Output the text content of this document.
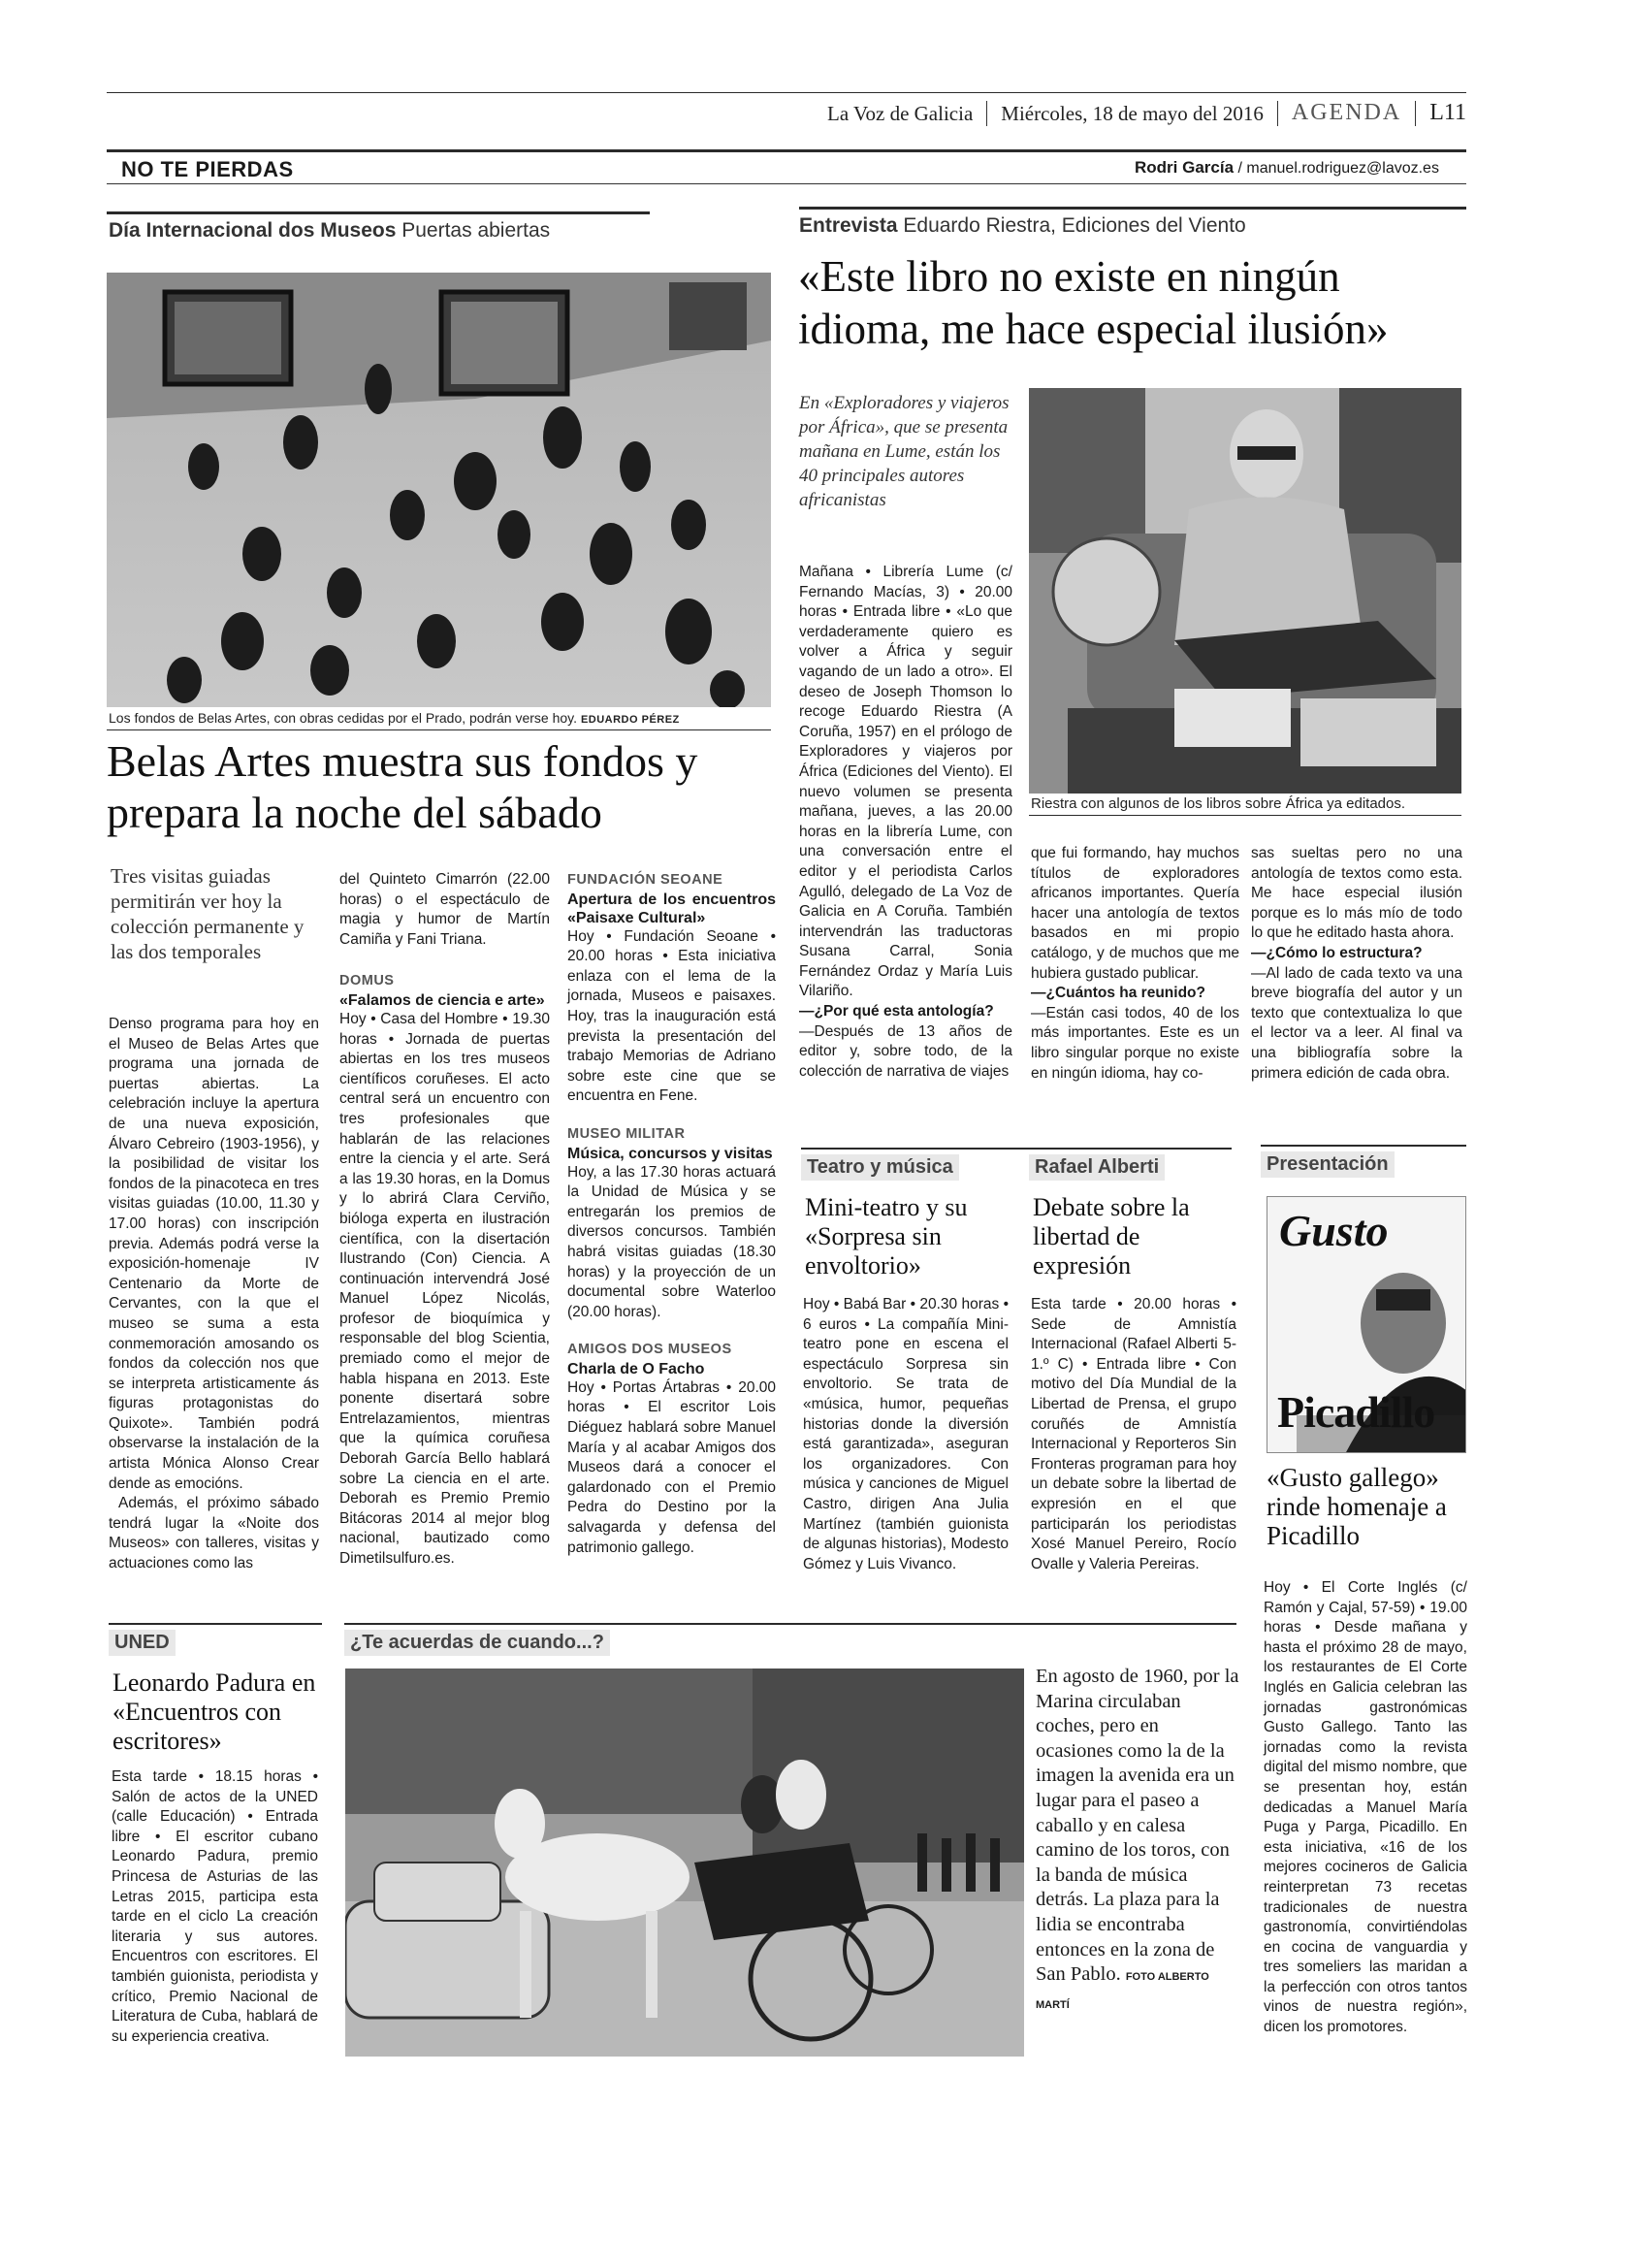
La Voz de Galicia Miércoles, 18 de mayo del 2016 AGENDA L11
NO TE PIERDAS	Rodri García / manuel.rodriguez@lavoz.es
Día Internacional dos Museos Puertas abiertas
Los fondos de Belas Artes, con obras cedidas por el Prado, podrán verse hoy. EDUARDO PÉREZ
Belas Artes muestra sus fondos y prepara la noche del sábado
Tres visitas guiadas permitirán ver hoy la colección permanente y las dos temporales

Denso programa para hoy en el Museo de Belas Artes que programa una jornada de puertas abiertas. La celebración incluye la apertura de una nueva exposición, Álvaro Cebreiro (1903-1956), y la posibilidad de visitar los fondos de la pinacoteca en tres visitas guiadas (10.00, 11.30 y 17.00 horas) con inscripción previa. Además podrá verse la exposición-homenaje IV Centenario da Morte de Cervantes, con la que el museo se suma a esta conmemoración amosando os fondos da colección nos que se interpreta artisticamente ás figuras protagonistas do Quixote». También podrá observarse la instalación de la artista Mónica Alonso Crear dende as emocións.

Además, el próximo sábado tendrá lugar la «Noite dos Museos» con talleres, visitas y actuaciones como las

del Quinteto Cimarrón (22.00 horas) o el espectáculo de magia y humor de Martín Camiña y Fani Triana.

DOMUS
«Falamos de ciencia e arte»

Hoy • Casa del Hombre • 19.30 horas • Jornada de puertas abiertas en los tres museos científicos coruñeses. El acto central será un encuentro con tres profesionales que hablarán de las relaciones entre la ciencia y el arte. Será a las 19.30 horas, en la Domus y lo abrirá Clara Cerviño, bióloga experta en ilustración científica, con la disertación Ilustrando (Con) Ciencia. A continuación intervendrá José Manuel López Nicolás, profesor de bioquímica y responsable del blog Scientia, premiado como el mejor de habla hispana en 2013. Este ponente disertará sobre Entrelazamientos, mientras que la química coruñesa Deborah García Bello hablará sobre La ciencia en el arte. Deborah es Premio Premio Bitácoras 2014 al mejor blog nacional, bautizado como Dimetilsulfuro.es.

FUNDACIÓN SEOANE
Apertura de los encuentros «Paisaxe Cultural»

Hoy • Fundación Seoane • 20.00 horas • Esta iniciativa enlaza con el lema de la jornada, Museos e paisaxes. Hoy, tras la inauguración está prevista la presentación del trabajo Memorias de Adriano sobre este cine que se encuentra en Fene.

MUSEO MILITAR
Música, concursos y visitas

Hoy, a las 17.30 horas actuará la Unidad de Música y se entregarán los premios de diversos concursos. También habrá visitas guiadas (18.30 horas) y la proyección de un documental sobre Waterloo (20.00 horas).

AMIGOS DOS MUSEOS
Charla de O Facho

Hoy • Portas Ártabras • 20.00 horas • El escritor Lois Diéguez hablará sobre Manuel María y al acabar Amigos dos Museos dará a conocer el galardonado con el Premio Pedra do Destino por la salvagarda y defensa del patrimonio gallego.

Entrevista Eduardo Riestra, Ediciones del Viento
«Este libro no existe en ningún idioma, me hace especial ilusión»
En «Exploradores y viajeros por África», que se presenta mañana en Lume, están los 40 principales autores africanistas
Riestra con algunos de los libros sobre África ya editados.

Mañana • Librería Lume (c/ Fernando Macías, 3) • 20.00 horas • Entrada libre • «Lo que verdaderamente quiero es volver a África y seguir vagando de un lado a otro». El deseo de Joseph Thomson lo recoge Eduardo Riestra (A Coruña, 1957) en el prólogo de Exploradores y viajeros por África (Ediciones del Viento). El nuevo volumen se presenta mañana, jueves, a las 20.00 horas en la librería Lume, con una conversación entre el editor y el periodista Carlos Agulló, delegado de La Voz de Galicia en A Coruña. También intervendrán las traductoras Susana Carral, Sonia Fernández Ordaz y María Luis Vilariño.

—¿Por qué esta antología?

—Después de 13 años de editor y, sobre todo, de la colección de narrativa de viajes

que fui formando, hay muchos títulos de exploradores africanos importantes. Quería hacer una antología de textos basados en mi propio catálogo, y de muchos que me hubiera gustado publicar.

—¿Cuántos ha reunido?

—Están casi todos, 40 de los más importantes. Este es un libro singular porque no existe en ningún idioma, hay co-

sas sueltas pero no una antología de textos como esta. Me hace especial ilusión porque es lo más mío de todo lo que he editado hasta ahora.

—¿Cómo lo estructura?

—Al lado de cada texto va una breve biografía del autor y un texto que contextualiza lo que el lector va a leer. Al final va una bibliografía sobre la primera edición de cada obra.

Teatro y música
Mini-teatro y su «Sorpresa sin envoltorio»
Hoy • Babá Bar • 20.30 horas • 6 euros • La compañía Mini-teatro pone en escena el espectáculo Sorpresa sin envoltorio. Se trata de «música, humor, pequeñas historias donde la diversión está garantizada», aseguran los organizadores. Con música y canciones de Miguel Castro, dirigen Ana Julia Martínez (también guionista de algunas historias), Modesto Gómez y Luis Vivanco.
Rafael Alberti
Debate sobre la libertad de expresión
Esta tarde • 20.00 horas • Sede de Amnistía Internacional (Rafael Alberti 5-1.º C) • Entrada libre • Con motivo del Día Mundial de la Libertad de Prensa, el grupo coruñés de Amnistía Internacional y Reporteros Sin Fronteras programan para hoy un debate sobre la libertad de expresión en el que participarán los periodistas Xosé Manuel Pereiro, Rocío Ovalle y Valeria Pereiras.
Presentación
Gusto
Picadillo
«Gusto gallego» rinde homenaje a Picadillo
Hoy • El Corte Inglés (c/ Ramón y Cajal, 57-59) • 19.00 horas • Desde mañana y hasta el próximo 28 de mayo, los restaurantes de El Corte Inglés en Galicia celebran las jornadas gastronómicas Gusto Gallego. Tanto las jornadas como la revista digital del mismo nombre, que se presentan hoy, están dedicadas a Manuel María Puga y Parga, Picadillo. En esta iniciativa, «16 de los mejores cocineros de Galicia reinterpretan 73 recetas tradicionales de nuestra gastronomía, convirtiéndolas en cocina de vanguardia y tres someliers las maridan a la perfección con otros tantos vinos de nuestra región», dicen los promotores.
UNED
Leonardo Padura en «Encuentros con escritores»
Esta tarde • 18.15 horas • Salón de actos de la UNED (calle Educación) • Entrada libre • El escritor cubano Leonardo Padura, premio Princesa de Asturias de las Letras 2015, participa esta tarde en el ciclo La creación literaria y sus autores. Encuentros con escritores. El también guionista, periodista y crítico, Premio Nacional de Literatura de Cuba, hablará de su experiencia creativa.
¿Te acuerdas de cuando...?
En agosto de 1960, por la Marina circulaban coches, pero en ocasiones como la de la imagen la avenida era un lugar para el paseo a caballo y en calesa camino de los toros, con la banda de música detrás. La plaza para la lidia se encontraba entonces en la zona de San Pablo. FOTO ALBERTO MARTÍ
